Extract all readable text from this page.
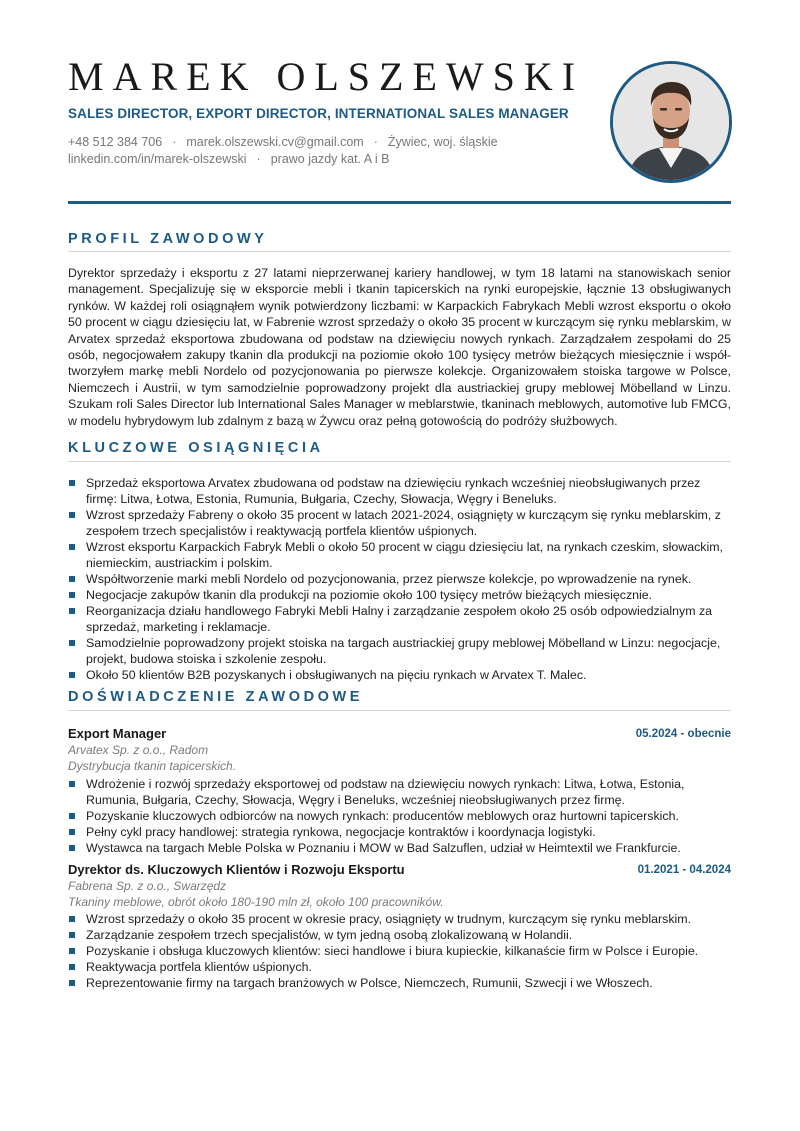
MAREK OLSZEWSKI
SALES DIRECTOR, EXPORT DIRECTOR, INTERNATIONAL SALES MANAGER
+48 512 384 706 · marek.olszewski.cv@gmail.com · Żywiec, woj. śląskie
linkedin.com/in/marek-olszewski · prawo jazdy kat. A i B
PROFIL ZAWODOWY

Dyrektor sprzedaży i eksportu z 27 latami nieprzerwanej kariery handlowej, w tym 18 latami na stanowiskach senior management. Specjalizuję się w eksporcie mebli i tkanin tapicerskich na rynki europejskie, łącznie 13 obsługiwanych rynków. W każdej roli osiągnąłem wynik potwierdzony liczbami: w Karpackich Fabrykach Mebli wzrost eksportu o około 50 procent w ciągu dziesięciu lat, w Fabrenie wzrost sprzedaży o około 35 procent w kurczącym się rynku meblarskim, w Arvatex sprzedaż eksportowa zbudowana od podstaw na dziewięciu nowych rynkach. Zarządzałem zespołami do 25 osób, negocjowałem zakupy tkanin dla produkcji na poziomie około 100 tysięcy metrów bieżących miesięcznie i współ-tworzyłem markę mebli Nordelo od pozycjonowania po pierwsze kolekcje. Organizowałem stoiska targowe w Polsce, Niemczech i Austrii, w tym samodzielnie poprowadzony projekt dla austriackiej grupy meblowej Möbelland w Linzu. Szukam roli Sales Director lub International Sales Manager w meblarstwie, tkaninach meblowych, automotive lub FMCG, w modelu hybrydowym lub zdalnym z bazą w Żywcu oraz pełną gotowością do podróży służbowych.

KLUCZOWE OSIĄGNIĘCIA
Sprzedaż eksportowa Arvatex zbudowana od podstaw na dziewięciu rynkach wcześniej nieobsługiwanych przez firmę: Litwa, Łotwa, Estonia, Rumunia, Bułgaria, Czechy, Słowacja, Węgry i Beneluks.
Wzrost sprzedaży Fabreny o około 35 procent w latach 2021-2024, osiągnięty w kurczącym się rynku meblarskim, z zespołem trzech specjalistów i reaktywacją portfela klientów uśpionych.
Wzrost eksportu Karpackich Fabryk Mebli o około 50 procent w ciągu dziesięciu lat, na rynkach czeskim, słowackim, niemieckim, austriackim i polskim.
Współtworzenie marki mebli Nordelo od pozycjonowania, przez pierwsze kolekcje, po wprowadzenie na rynek.
Negocjacje zakupów tkanin dla produkcji na poziomie około 100 tysięcy metrów bieżących miesięcznie.
Reorganizacja działu handlowego Fabryki Mebli Halny i zarządzanie zespołem około 25 osób odpowiedzialnym za sprzedaż, marketing i reklamacje.
Samodzielnie poprowadzony projekt stoiska na targach austriackiej grupy meblowej Möbelland w Linzu: negocjacje, projekt, budowa stoiska i szkolenie zespołu.
Około 50 klientów B2B pozyskanych i obsługiwanych na pięciu rynkach w Arvatex T. Malec.
DOŚWIADCZENIE ZAWODOWE
Export Manager	05.2024 - obecnie
Arvatex Sp. z o.o., Radom
Dystrybucja tkanin tapicerskich.
Wdrożenie i rozwój sprzedaży eksportowej od podstaw na dziewięciu nowych rynkach: Litwa, Łotwa, Estonia, Rumunia, Bułgaria, Czechy, Słowacja, Węgry i Beneluks, wcześniej nieobsługiwanych przez firmę.
Pozyskanie kluczowych odbiorców na nowych rynkach: producentów meblowych oraz hurtowni tapicerskich.
Pełny cykl pracy handlowej: strategia rynkowa, negocjacje kontraktów i koordynacja logistyki.
Wystawca na targach Meble Polska w Poznaniu i MOW w Bad Salzuflen, udział w Heimtextil we Frankfurcie.
Dyrektor ds. Kluczowych Klientów i Rozwoju Eksportu	01.2021 - 04.2024
Fabrena Sp. z o.o., Swarzędz
Tkaniny meblowe, obrót około 180-190 mln zł, około 100 pracowników.
Wzrost sprzedaży o około 35 procent w okresie pracy, osiągnięty w trudnym, kurczącym się rynku meblarskim.
Zarządzanie zespołem trzech specjalistów, w tym jedną osobą zlokalizowaną w Holandii.
Pozyskanie i obsługa kluczowych klientów: sieci handlowe i biura kupieckie, kilkanaście firm w Polsce i Europie.
Reaktywacja portfela klientów uśpionych.
Reprezentowanie firmy na targach branżowych w Polsce, Niemczech, Rumunii, Szwecji i we Włoszech.
